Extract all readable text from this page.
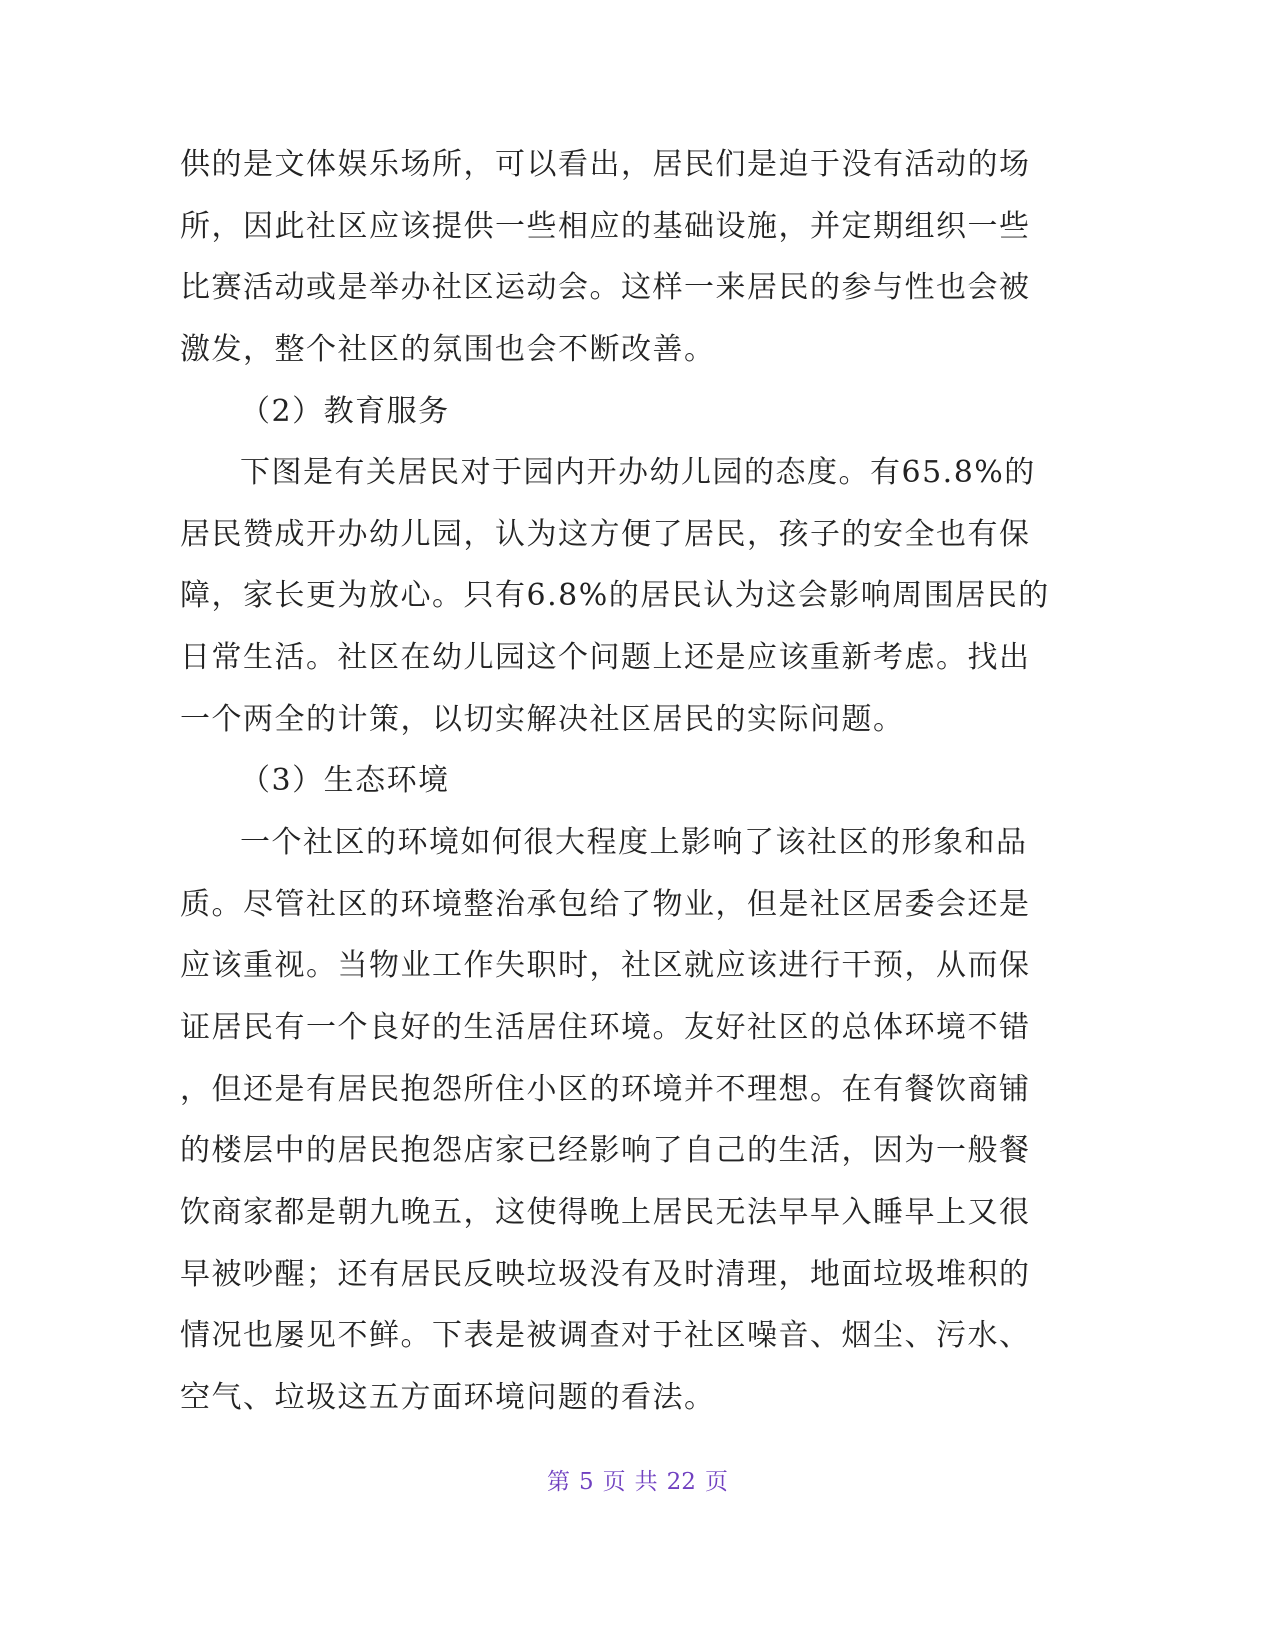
供的是文体娱乐场所，可以看出，居民们是迫于没有活动的场
所，因此社区应该提供一些相应的基础设施，并定期组织一些
比赛活动或是举办社区运动会。这样一来居民的参与性也会被
激发，整个社区的氛围也会不断改善。
（2）教育服务
下图是有关居民对于园内开办幼儿园的态度。有65.8%的
居民赞成开办幼儿园，认为这方便了居民，孩子的安全也有保
障，家长更为放心。只有6.8%的居民认为这会影响周围居民的
日常生活。社区在幼儿园这个问题上还是应该重新考虑。找出
一个两全的计策，以切实解决社区居民的实际问题。
（3）生态环境
一个社区的环境如何很大程度上影响了该社区的形象和品
质。尽管社区的环境整治承包给了物业，但是社区居委会还是
应该重视。当物业工作失职时，社区就应该进行干预，从而保
证居民有一个良好的生活居住环境。友好社区的总体环境不错
，但还是有居民抱怨所住小区的环境并不理想。在有餐饮商铺
的楼层中的居民抱怨店家已经影响了自己的生活，因为一般餐
饮商家都是朝九晚五，这使得晚上居民无法早早入睡早上又很
早被吵醒；还有居民反映垃圾没有及时清理，地面垃圾堆积的
情况也屡见不鲜。下表是被调查对于社区噪音、烟尘、污水、
空气、垃圾这五方面环境问题的看法。
第 5 页 共 22 页
